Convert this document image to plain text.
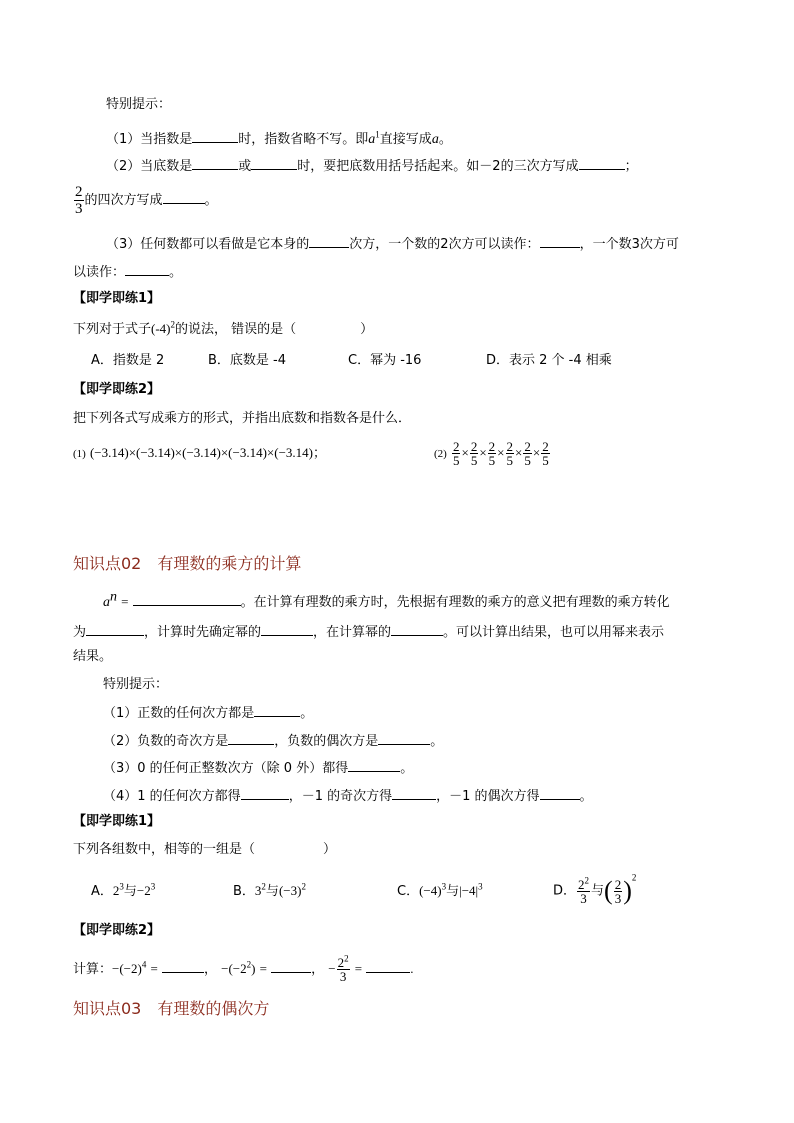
特别提示：
（1）当指数是	时，指数省略不写。即$a^1$直接写成a。
（2）当底数是	或	时，要把底数用括号括起来。如－2的三次方写成	；
$\frac{2}{3}$ 的四次方写成	。
（3）任何数都可以看做是它本身的	次方，一个数的2次方可以读作：	，一个数3次方可
以读作：	。
【即学即练1】
下列对于式子$(-4)^2$的说法， 错误的是（	）
A．指数是 2	B．底数是 -4	C．幂为 -16	D．表示 2 个 -4 相乘
【即学即练2】
把下列各式写成乘方的形式，并指出底数和指数各是什么．
(1) (−3.14)×(−3.14)×(−3.14)×(−3.14)×(−3.14)；	$(2) \frac{2}{5} \times \frac{2}{5} \times \frac{2}{5} \times \frac{2}{5} \times \frac{2}{5} \times \frac{2}{5}$
知识点02　有理数的乘方的计算
$a^n$ =	。在计算有理数的乘方时，先根据有理数的乘方的意义把有理数的乘方转化
为	，计算时先确定幂的	，在计算幂的	。可以计算出结果，也可以用幂来表示
结果。
特别提示：
（1）正数的任何次方都是	。
（2）负数的奇次方是	，负数的偶次方是	。
（3）0 的任何正整数次方（除 0 外）都得	。
（4）1 的任何次方都得	，－1 的奇次方得	，－1 的偶次方得	。
【即学即练1】
下列各组数中，相等的一组是（	）
A．$2^3$与$-2^3$	B．$3^2$与$(-3)^2$	C．$(-4)^3$与$|-4|^3$	D． $\frac{2^2}{3}$ 与( $\frac{2}{3} )^2$
【即学即练2】
计算：$-(-2)^4$ =	， $-(-2^2)$ =	， − $\frac{2^2}{3}$ =	.
知识点03　有理数的偶次方
